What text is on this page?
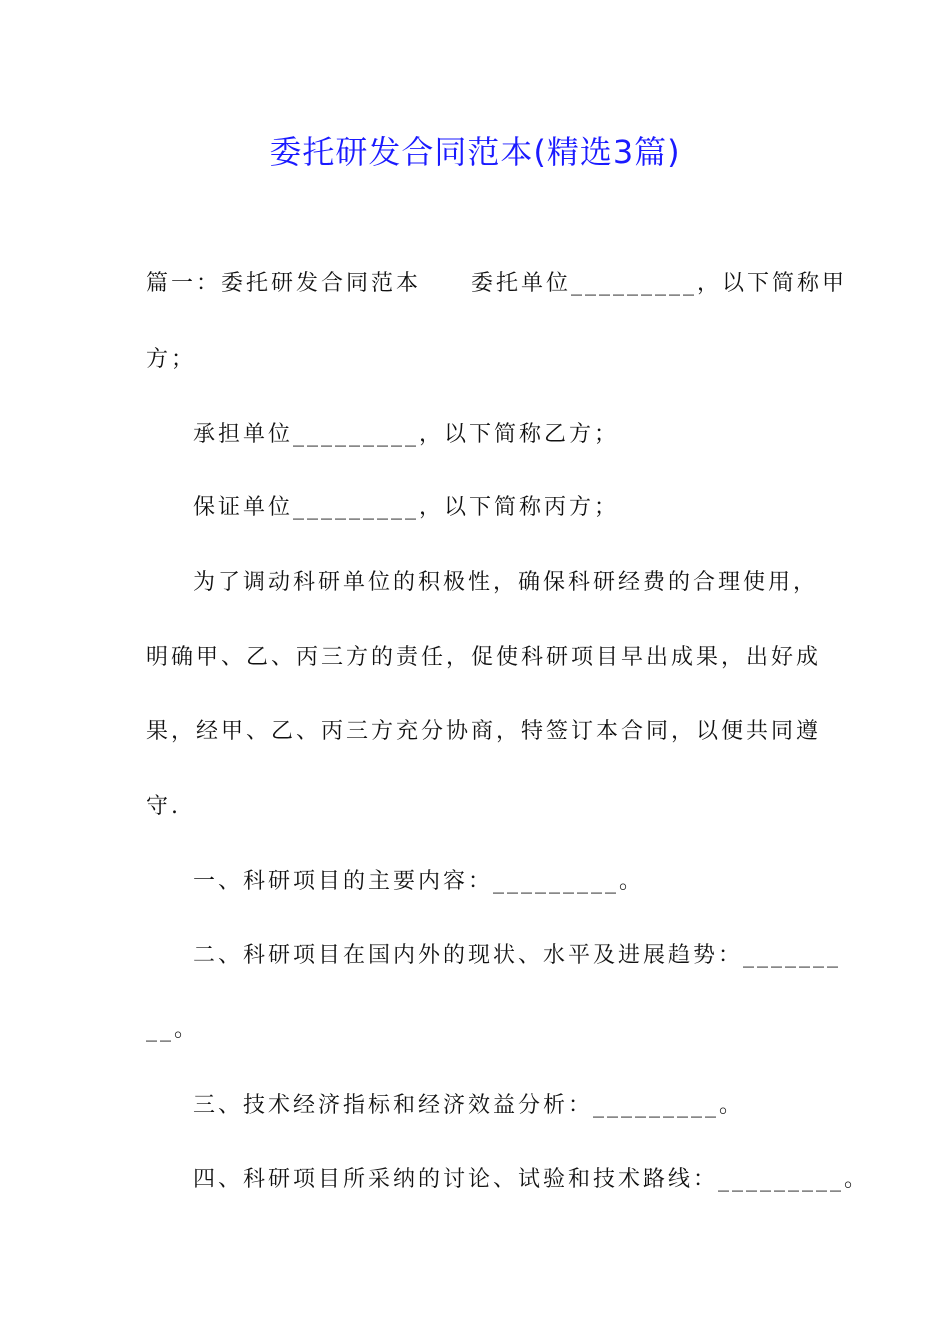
委托研发合同范本(精选3篇)
篇一：委托研发合同范本　　委托单位_________，以下简称甲
方；
承担单位_________，以下简称乙方；
保证单位_________，以下简称丙方；
为了调动科研单位的积极性，确保科研经费的合理使用，
明确甲、乙、丙三方的责任，促使科研项目早出成果，出好成
果，经甲、乙、丙三方充分协商，特签订本合同，以便共同遵
守.
一、科研项目的主要内容：_________。
二、科研项目在国内外的现状、水平及进展趋势：_______
__。
三、技术经济指标和经济效益分析：_________。
四、科研项目所采纳的讨论、试验和技术路线：_________。
